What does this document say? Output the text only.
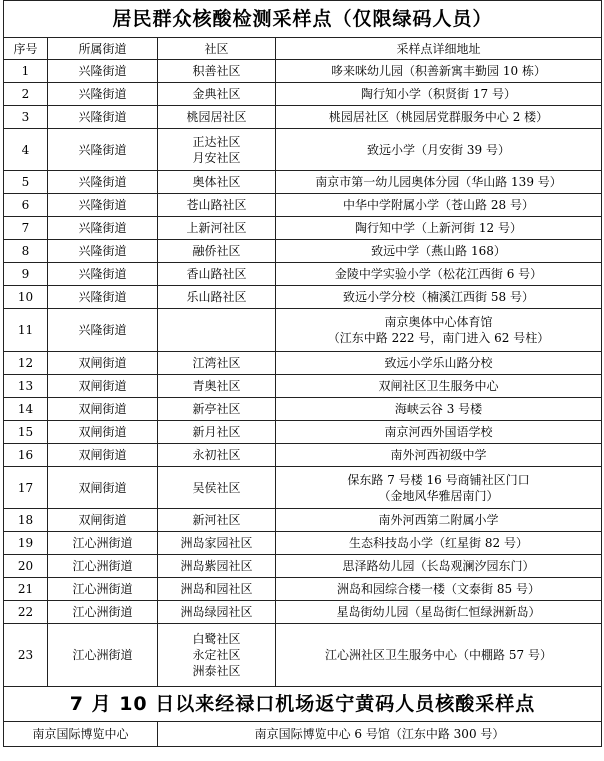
居民群众核酸检测采样点（仅限绿码人员）			
序号	所属街道	社区	采样点详细地址
1	兴隆街道	积善社区	哆来咪幼儿园（积善新寓丰勤园 10 栋）

2	兴隆街道	金典社区	陶行知小学（积贤街 17 号）

3	兴隆街道	桃园居社区	桃园居社区（桃园居党群服务中心 2 楼）

4	兴隆街道	正达社区
月安社区	致远小学（月安街 39 号）

5	兴隆街道	奥体社区	南京市第一幼儿园奥体分园（华山路 139 号）

6	兴隆街道	苍山路社区	中华中学附属小学（苍山路 28 号）

7	兴隆街道	上新河社区	陶行知中学（上新河街 12 号）

8	兴隆街道	融侨社区	致远中学（燕山路 168）

9	兴隆街道	香山路社区	金陵中学实验小学（松花江西街 6 号）

10	兴隆街道	乐山路社区	致远小学分校（楠溪江西街 58 号）

11	兴隆街道		南京奥体中心体育馆
（江东中路 222 号，南门进入 62 号柱）

12	双闸街道	江湾社区	致远小学乐山路分校

13	双闸街道	青奥社区	双闸社区卫生服务中心

14	双闸街道	新亭社区	海峡云谷 3 号楼

15	双闸街道	新月社区	南京河西外国语学校

16	双闸街道	永初社区	南外河西初级中学

17	双闸街道	吴侯社区	保东路 7 号楼 16 号商铺社区门口
（金地风华雅居南门）

18	双闸街道	新河社区	南外河西第二附属小学

19	江心洲街道	洲岛家园社区	生态科技岛小学（红星街 82 号）

20	江心洲街道	洲岛紫园社区	思泽路幼儿园（长岛观澜汐园东门）

21	江心洲街道	洲岛和园社区	洲岛和园综合楼一楼（文泰街 85 号）

22	江心洲街道	洲岛绿园社区	星岛街幼儿园（星岛街仁恒绿洲新岛）

23	江心洲街道	白鹭社区
永定社区
洲泰社区	江心洲社区卫生服务中心（中棚路 57 号）

7 月 10 日以来经禄口机场返宁黄码人员核酸采样点			
南京国际博览中心		南京国际博览中心 6 号馆（江东中路 300 号）	
